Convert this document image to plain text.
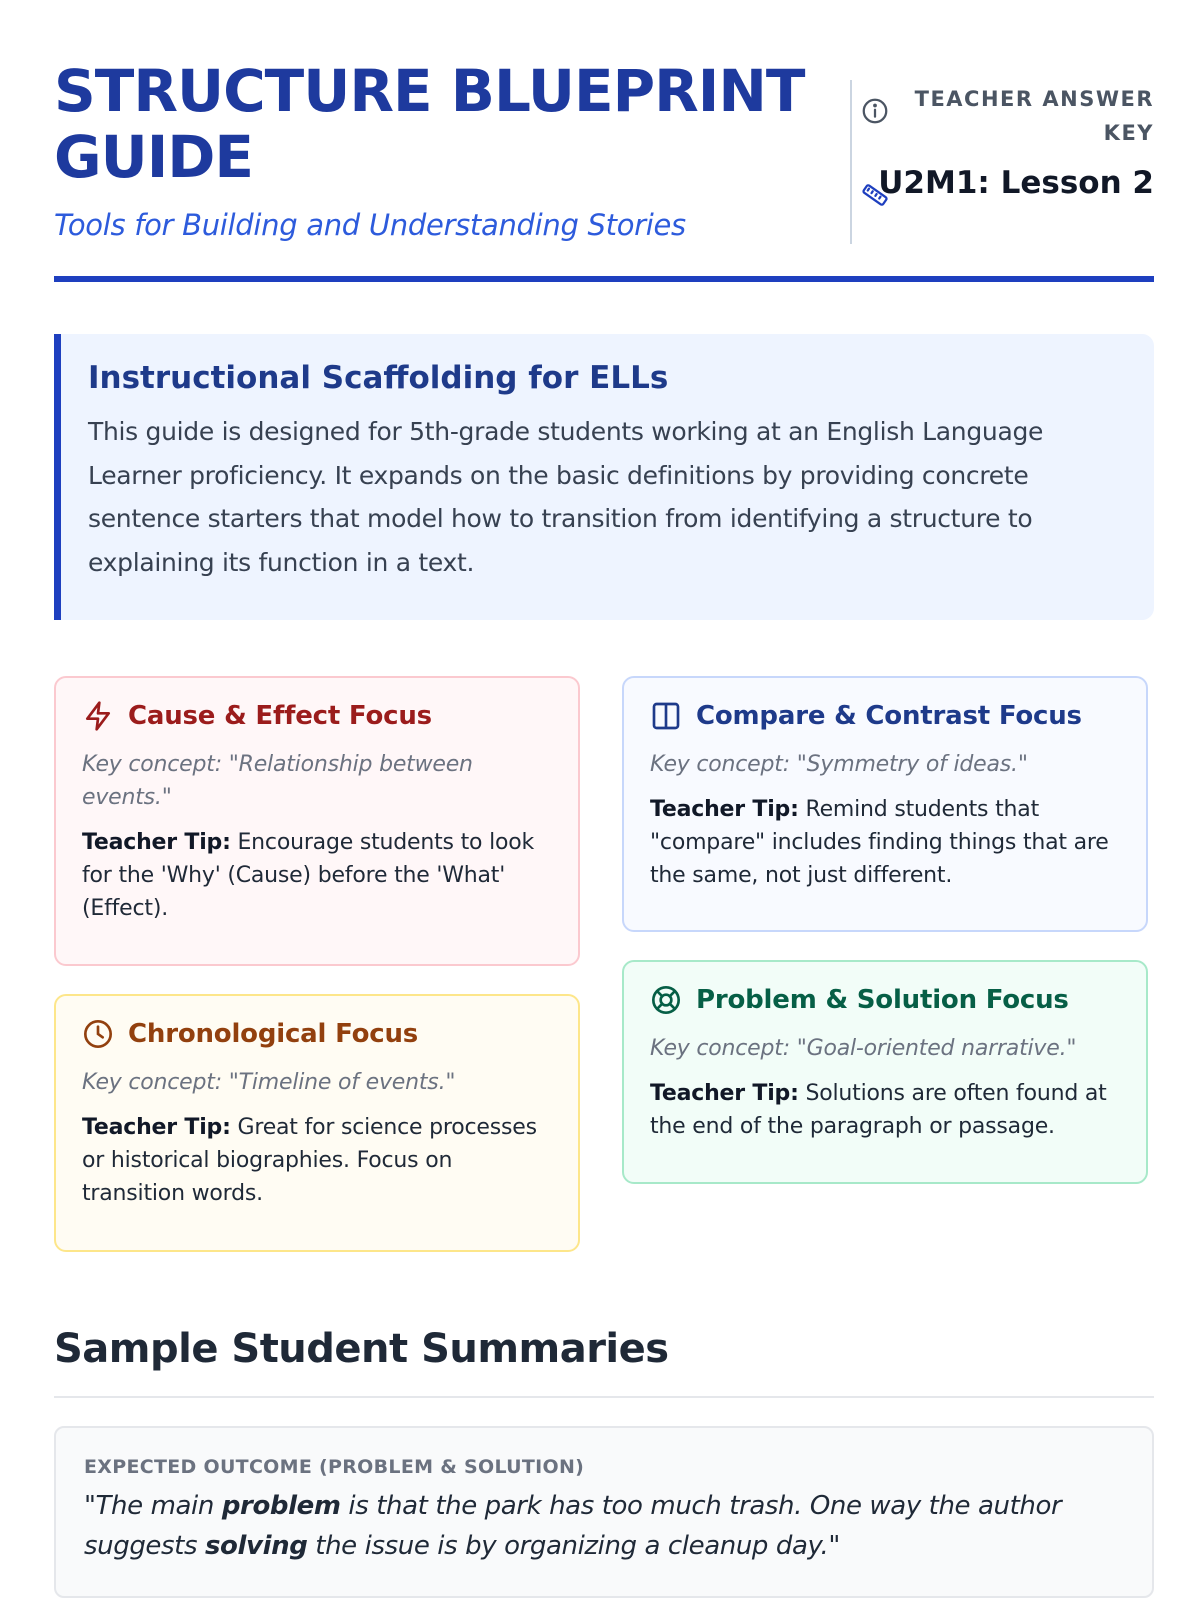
STRUCTURE BLUEPRINT GUIDE
Tools for Building and Understanding Stories
TEACHER ANSWER KEY
U2M1: Lesson 2
Instructional Scaffolding for ELLs

This guide is designed for 5th-grade students working at an English Language Learner proficiency. It expands on the basic definitions by providing concrete sentence starters that model how to transition from identifying a structure to explaining its function in a text.

Cause & Effect Focus
Key concept: "Relationship between events."
Teacher Tip: Encourage students to look for the 'Why' (Cause) before the 'What' (Effect).
Chronological Focus
Key concept: "Timeline of events."
Teacher Tip: Great for science processes or historical biographies. Focus on transition words.
Compare & Contrast Focus
Key concept: "Symmetry of ideas."
Teacher Tip: Remind students that "compare" includes finding things that are the same, not just different.
Problem & Solution Focus
Key concept: "Goal-oriented narrative."
Teacher Tip: Solutions are often found at the end of the paragraph or passage.
Sample Student Summaries
EXPECTED OUTCOME (PROBLEM & SOLUTION)
"The main problem is that the park has too much trash. One way the author suggests solving the issue is by organizing a cleanup day."
